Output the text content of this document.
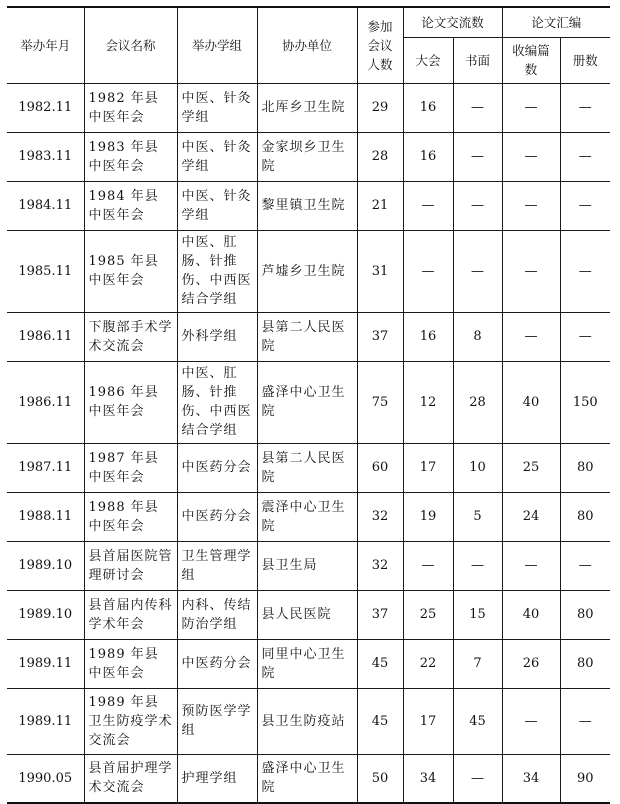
举办年月	会议名称	举办学组	协办单位	参加会议人数	论文交流数		论文汇编	
					大会	书面	收编篇数	册数
1982.11	1982 年县中医年会	中医、针灸学组	北厍乡卫生院	29	16	—	—	—
1983.11	1983 年县中医年会	中医、针灸学组	金家坝乡卫生院	28	16	—	—	—
1984.11	1984 年县中医年会	中医、针灸学组	黎里镇卫生院	21	—	—	—	—
1985.11	1985 年县中医年会	中医、肛肠、针推伤、中西医结合学组	芦墟乡卫生院	31	—	—	—	—
1986.11	下腹部手术学术交流会	外科学组	县第二人民医院	37	16	8	—	—
1986.11	1986 年县中医年会	中医、肛肠、针推伤、中西医结合学组	盛泽中心卫生院	75	12	28	40	150
1987.11	1987 年县中医年会	中医药分会	县第二人民医院	60	17	10	25	80
1988.11	1988 年县中医年会	中医药分会	震泽中心卫生院	32	19	5	24	80
1989.10	县首届医院管理研讨会	卫生管理学组	县卫生局	32	—	—	—	—
1989.10	县首届内传科学术年会	内科、传结防治学组	县人民医院	37	25	15	40	80
1989.11	1989 年县中医年会	中医药分会	同里中心卫生院	45	22	7	26	80
1989.11	1989 年县卫生防疫学术交流会	预防医学学组	县卫生防疫站	45	17	45	—	—
1990.05	县首届护理学术交流会	护理学组	盛泽中心卫生院	50	34	—	34	90
